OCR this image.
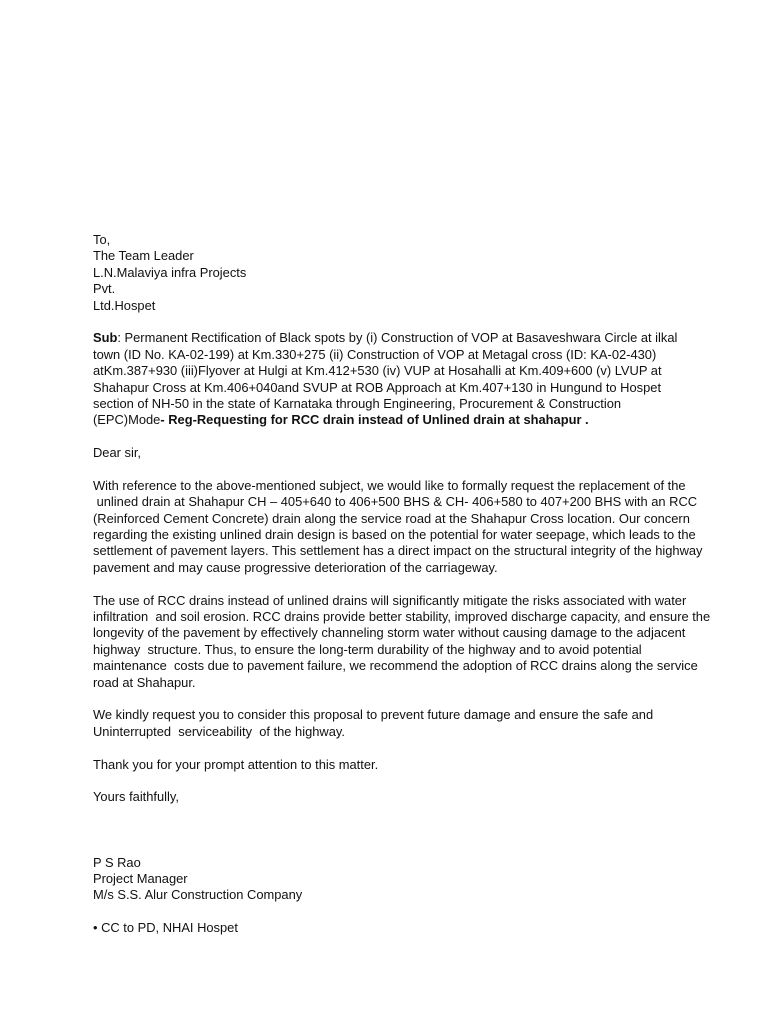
To,
The Team Leader
L.N.Malaviya infra Projects
Pvt.
Ltd.Hospet
Sub: Permanent Rectification of Black spots by (i) Construction of VOP at Basaveshwara Circle at ilkal
town (ID No. KA-02-199) at Km.330+275 (ii) Construction of VOP at Metagal cross (ID: KA-02-430)
atKm.387+930 (iii)Flyover at Hulgi at Km.412+530 (iv) VUP at Hosahalli at Km.409+600 (v) LVUP at
Shahapur Cross at Km.406+040and SVUP at ROB Approach at Km.407+130 in Hungund to Hospet
section of NH-50 in the state of Karnataka through Engineering, Procurement & Construction
(EPC)Mode- Reg-Requesting for RCC drain instead of Unlined drain at shahapur .
Dear sir,
With reference to the above-mentioned subject, we would like to formally request the replacement of the
unlined drain at Shahapur CH – 405+640 to 406+500 BHS & CH- 406+580 to 407+200 BHS with an RCC
(Reinforced Cement Concrete) drain along the service road at the Shahapur Cross location. Our concern
regarding the existing unlined drain design is based on the potential for water seepage, which leads to the
settlement of pavement layers. This settlement has a direct impact on the structural integrity of the highway
pavement and may cause progressive deterioration of the carriageway.
The use of RCC drains instead of unlined drains will significantly mitigate the risks associated with water
infiltration  and soil erosion. RCC drains provide better stability, improved discharge capacity, and ensure the
longevity of the pavement by effectively channeling storm water without causing damage to the adjacent
highway  structure. Thus, to ensure the long-term durability of the highway and to avoid potential
maintenance  costs due to pavement failure, we recommend the adoption of RCC drains along the service
road at Shahapur.
We kindly request you to consider this proposal to prevent future damage and ensure the safe and
Uninterrupted  serviceability  of the highway.
Thank you for your prompt attention to this matter.
Yours faithfully,
P S Rao
Project Manager
M/s S.S. Alur Construction Company
• CC to PD, NHAI Hospet
